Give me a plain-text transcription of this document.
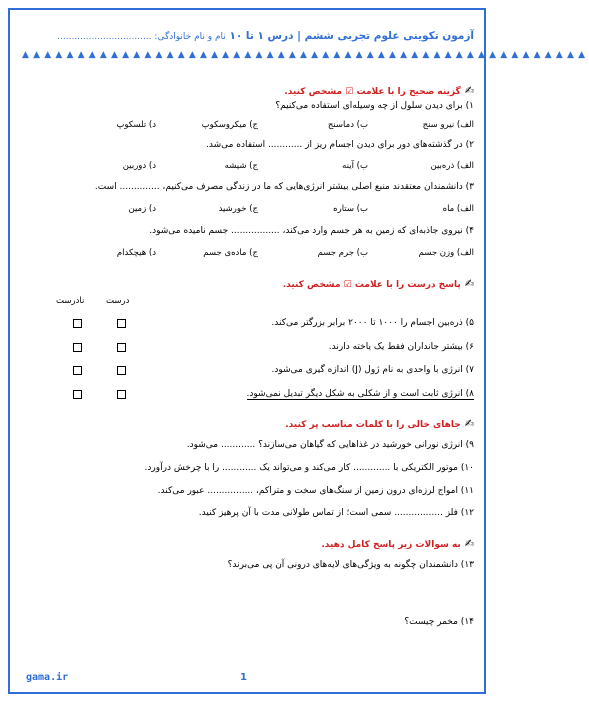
آزمون تکوینی علوم تجربی ششم | درس ۱ تا ۱۰ نام و نام خانوادگی: .................................
▲▲▲▲▲▲▲▲▲▲▲▲▲▲▲▲▲▲▲▲▲▲▲▲▲▲▲▲▲▲▲▲▲▲▲▲▲▲▲▲▲▲▲▲▲▲▲▲▲▲▲
✍گزینه صحیح را با علامت ☑ مشخص کنید.
۱) برای دیدن سلول از چه وسیله‌ای استفاده می‌کنیم؟
الف) نیرو سنج
ب) دماسنج
ج) میکروسکوپ
د) تلسکوپ
۲) در گذشته‌های دور برای دیدن اجسام ریز از ............ استفاده می‌شد.
الف) ذره‌بین
ب) آینه
ج) شیشه
د) دوربین
۳) دانشمندان معتقدند منبع اصلی بیشتر انرژی‌هایی که ما در زندگی مصرف می‌کنیم، .............. است.
الف) ماه
ب) ستاره
ج) خورشید
د) زمین
۴) نیروی جاذبه‌ای که زمین به هر جسم وارد می‌کند، ................. جسم نامیده می‌شود.
الف) وزن جسم
ب) جرم جسم
ج) ماده‌ی جسم
د) هیچکدام
✍پاسخ درست را با علامت ☑ مشخص کنید.
درست
نادرست
۵) ذره‌بین اجسام را ۱۰۰۰ تا ۲۰۰۰ برابر بزرگتر می‌کند.
۶) بیشتر جانداران فقط یک یاخته دارند.
۷) انرژی با واحدی به نام ژول (J) اندازه گیری می‌شود.
۸) انرژی ثابت است و از شکلی به شکل دیگر تبدیل نمی‌شود.
✍جاهای خالی را با کلمات مناسب پر کنید.
۹) انرژی نورانی خورشید در غذاهایی که گیاهان می‌سازند؟ ............ می‌شود.
۱۰) موتور الکتریکی با ............. کار می‌کند و می‌تواند یک ............ را با چرخش درآورد.
۱۱) امواج لرزه‌ای درون زمین از سنگ‌های سخت و متراکم، ................ عبور می‌کند.
۱۲) فلز ................. سمی است؛ از تماس طولانی مدت با آن پرهیز کنید.
✍به سوالات زیر پاسخ کامل دهید.
۱۳) دانشمندان چگونه به ویژگی‌های لایه‌های درونی آن پی می‌برند؟
۱۴) مخمر چیست؟
gama.ir	1
